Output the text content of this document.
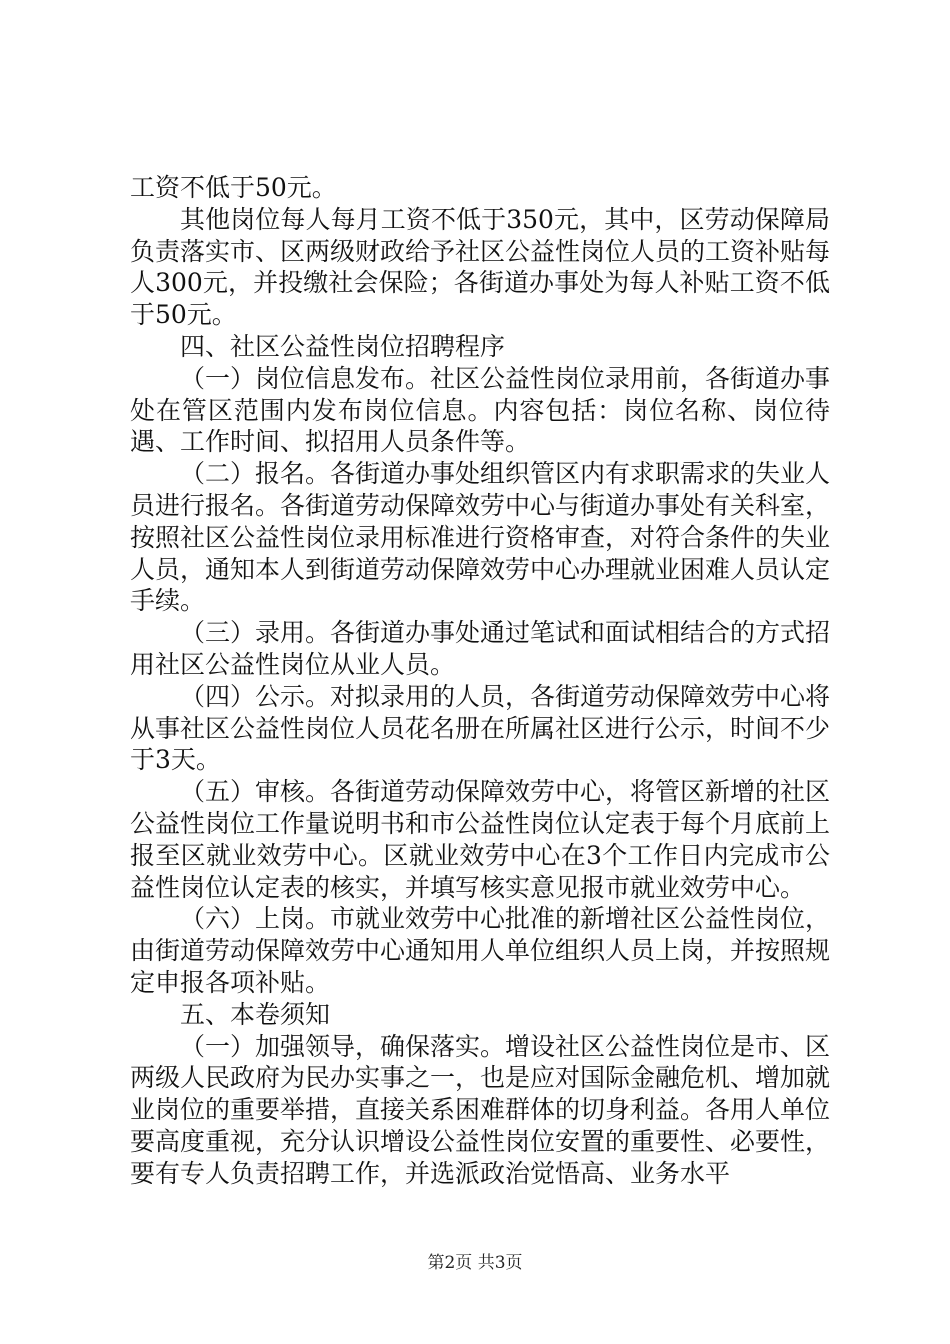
工资不低于50元。

其他岗位每人每月工资不低于350元，其中，区劳动保障局负责落实市、区两级财政给予社区公益性岗位人员的工资补贴每人300元，并投缴社会保险；各街道办事处为每人补贴工资不低于50元。

四、社区公益性岗位招聘程序

（一）岗位信息发布。社区公益性岗位录用前，各街道办事处在管区范围内发布岗位信息。内容包括：岗位名称、岗位待遇、工作时间、拟招用人员条件等。

（二）报名。各街道办事处组织管区内有求职需求的失业人员进行报名。各街道劳动保障效劳中心与街道办事处有关科室，按照社区公益性岗位录用标准进行资格审查，对符合条件的失业人员，通知本人到街道劳动保障效劳中心办理就业困难人员认定手续。

（三）录用。各街道办事处通过笔试和面试相结合的方式招用社区公益性岗位从业人员。

（四）公示。对拟录用的人员，各街道劳动保障效劳中心将从事社区公益性岗位人员花名册在所属社区进行公示，时间不少于3天。

（五）审核。各街道劳动保障效劳中心，将管区新增的社区公益性岗位工作量说明书和市公益性岗位认定表于每个月底前上报至区就业效劳中心。区就业效劳中心在3个工作日内完成市公益性岗位认定表的核实，并填写核实意见报市就业效劳中心。

（六）上岗。市就业效劳中心批准的新增社区公益性岗位，由街道劳动保障效劳中心通知用人单位组织人员上岗，并按照规定申报各项补贴。

五、本卷须知

（一）加强领导，确保落实。增设社区公益性岗位是市、区两级人民政府为民办实事之一，也是应对国际金融危机、增加就业岗位的重要举措，直接关系困难群体的切身利益。各用人单位要高度重视，充分认识增设公益性岗位安置的重要性、必要性，要有专人负责招聘工作，并选派政治觉悟高、业务水平

第2页 共3页
